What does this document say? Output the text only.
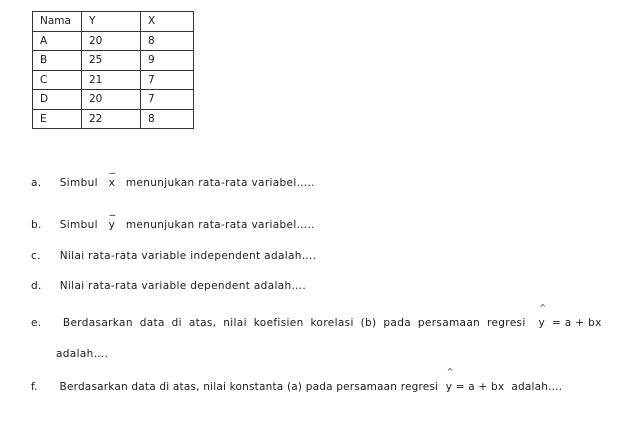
Nama	Y	X
A	20	8
B	25	9
C	21	7
D	20	7
E	22	8
a. Simbul
_
x menunjukan rata-rata variabel…..
b. Simbul
_
y menunjukan rata-rata variabel…..
c. Nilai rata-rata variable independent adalah….
d. Nilai rata-rata variable dependent adalah….
e. Berdasarkan data di atas, nilai koefisien korelasi (b) pada persamaan regresi
^
y = a + bx
adalah….
f. Berdasarkan data di atas, nilai konstanta (a) pada persamaan regresi
^
y = a + bx  adalah….
